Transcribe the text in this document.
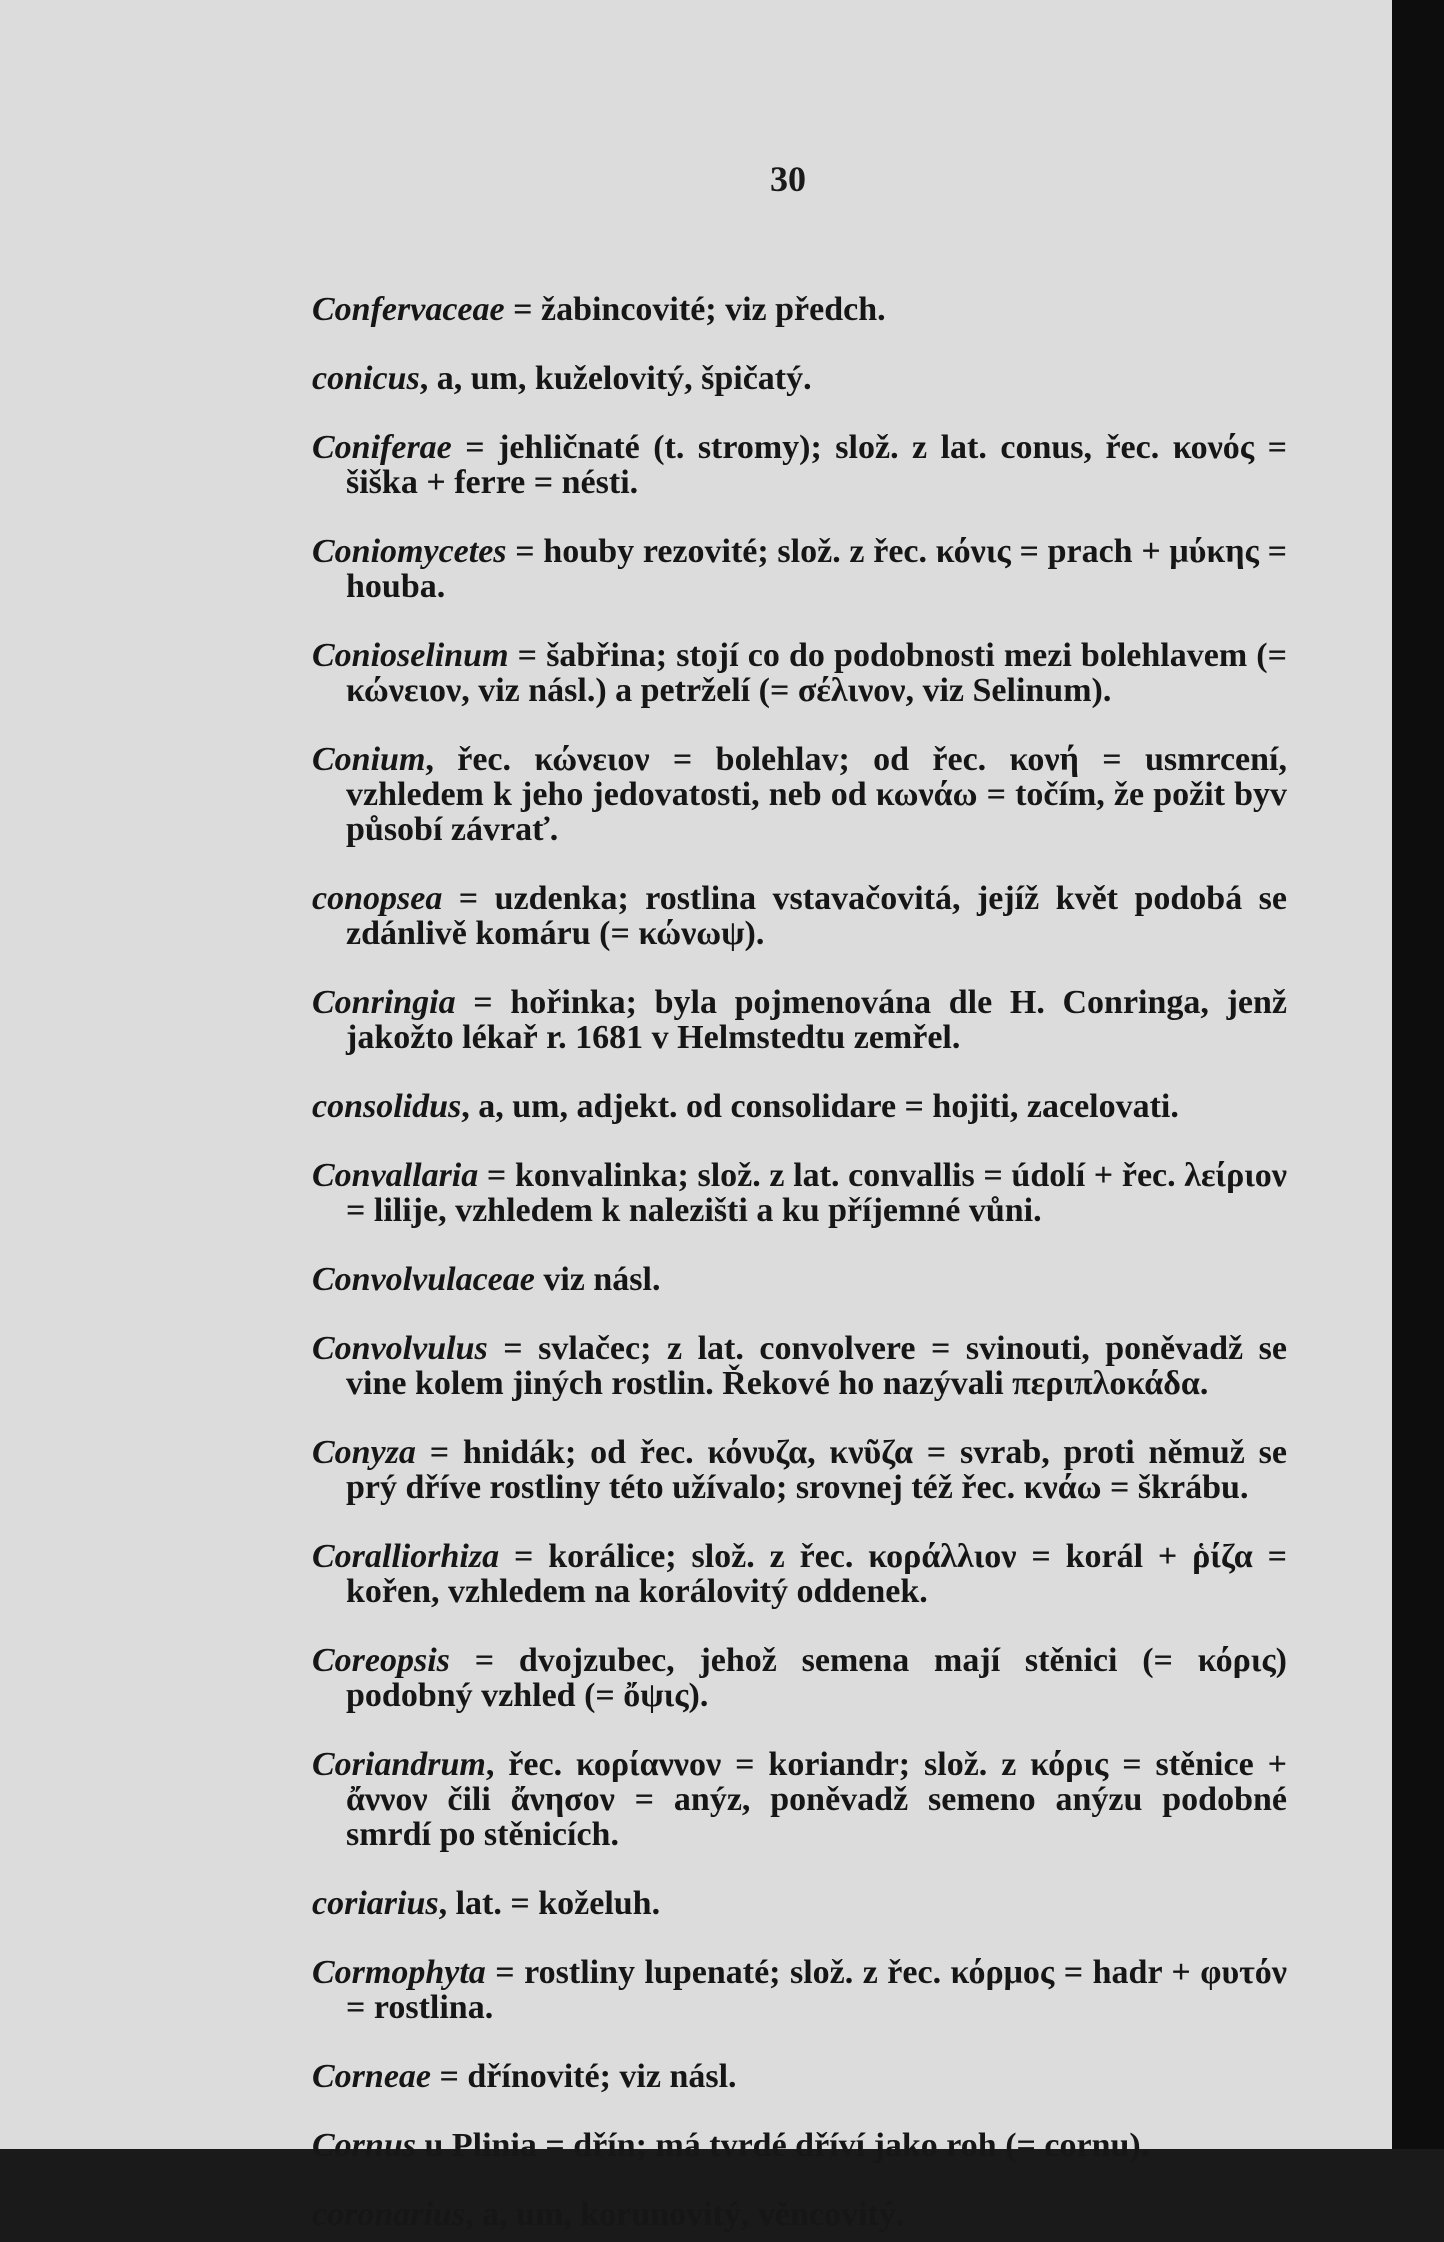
30

Confervaceae = žabincovité; viz předch.

conicus, a, um, kuželovitý, špičatý.

Coniferae = jehličnaté (t. stromy); slož. z lat. conus, řec. κονός = šiška + ferre = nésti.

Coniomycetes = houby rezovité; slož. z řec. κόνις = prach + μύκης = houba.

Conioselinum = šabřina; stojí co do podobnosti mezi bolehlavem (= κώνειον, viz násl.) a petrželí (= σέλινον, viz Selinum).

Conium, řec. κώνειον = bolehlav; od řec. κονή = usmrcení, vzhledem k jeho jedovatosti, neb od κωνάω = točím, že požit byv působí závrať.

conopsea = uzdenka; rostlina vstavačovitá, jejíž květ podobá se zdánlivě komáru (= κώνωψ).

Conringia = hořinka; byla pojmenována dle H. Conringa, jenž jakožto lékař r. 1681 v Helmstedtu zemřel.

consolidus, a, um, adjekt. od consolidare = hojiti, zacelovati.

Convallaria = konvalinka; slož. z lat. convallis = údolí + řec. λείριον = lilije, vzhledem k nalezišti a ku příjemné vůni.

Convolvulaceae viz násl.

Convolvulus = svlačec; z lat. convolvere = svinouti, poněvadž se vine kolem jiných rostlin. Řekové ho nazývali περιπλοκάδα.

Conyza = hnidák; od řec. κόνυζα, κνῦζα = svrab, proti němuž se prý dříve rostliny této užívalo; srovnej též řec. κνάω = škrábu.

Coralliorhiza = korálice; slož. z řec. κοράλλιον = korál + ῥίζα = kořen, vzhledem na korálovitý oddenek.

Coreopsis = dvojzubec, jehož semena mají stěnici (= κόρις) podobný vzhled (= ὄψις).

Coriandrum, řec. κορίαννον = koriandr; slož. z κόρις = stěnice + ἄννον čili ἄνησον = anýz, poněvadž semeno anýzu podobné smrdí po stěnicích.

coriarius, lat. = koželuh.

Cormophyta = rostliny lupenaté; slož. z řec. κόρμος = hadr + φυτόν = rostlina.

Corneae = dřínovité; viz násl.

Cornus u Plinia = dřín; má tvrdé dříví jako roh (= cornu).

coronarius, a, um, korunovitý, věncovitý.
